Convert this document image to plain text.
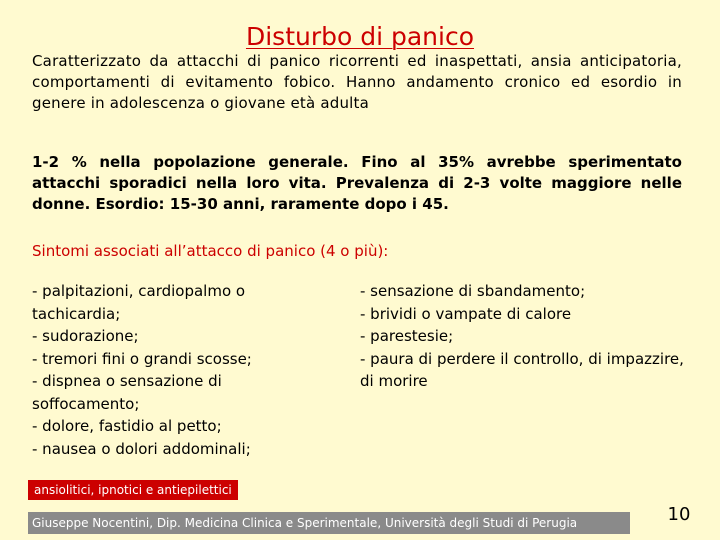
Disturbo di panico
Caratterizzato da attacchi di panico ricorrenti ed inaspettati, ansia anticipatoria, comportamenti di evitamento fobico. Hanno andamento cronico ed esordio in genere in adolescenza o giovane età adulta
1-2 % nella popolazione generale. Fino al 35% avrebbe sperimentato attacchi sporadici nella loro vita. Prevalenza di 2-3 volte maggiore nelle donne. Esordio: 15-30 anni, raramente dopo i 45.
Sintomi associati all’attacco di panico (4 o più):
- palpitazioni, cardiopalmo o tachicardia;
- sudorazione;
- tremori fini o grandi scosse;
- dispnea o sensazione di soffocamento;
- dolore, fastidio al petto;
- nausea o dolori addominali;
- sensazione di sbandamento;
- brividi o vampate di calore
- parestesie;
- paura di perdere il controllo, di impazzire, di morire
ansiolitici, ipnotici e antiepilettici
Giuseppe Nocentini, Dip. Medicina Clinica e Sperimentale, Università degli Studi di Perugia	10
